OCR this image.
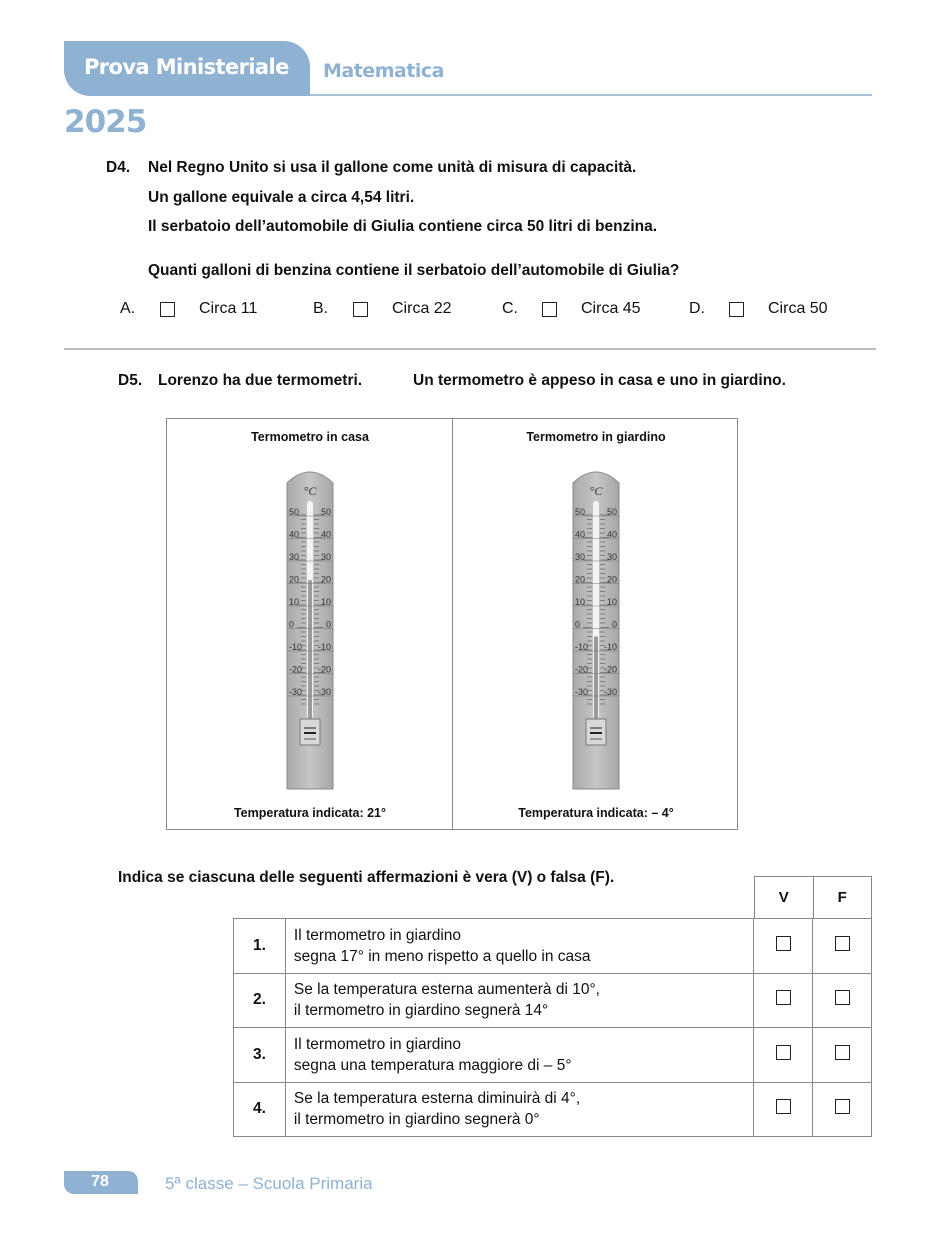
Prova Ministeriale Matematica
2025
D4. Nel Regno Unito si usa il gallone come unità di misura di capacità.
Un gallone equivale a circa 4,54 litri.
Il serbatoio dell’automobile di Giulia contiene circa 50 litri di benzina.
Quanti galloni di benzina contiene il serbatoio dell’automobile di Giulia?
A.	Circa 11	B.	Circa 22	C.	Circa 45	D.	Circa 50
D5. Lorenzo ha due termometri.	Un termometro è appeso in casa e uno in giardino.
Termometro in casa
°C
50 50
40 40
30 30
20 20
10 10
0	0
-10 -10
-20 -20
-30 -30
Temperatura indicata: 21°
Termometro in giardino
°C
50 50
40 40
30 30
20 20
10 10
0	0
-10 -10
-20 -20
-30 -30
Temperatura indicata: – 4°
Indica se ciascuna delle seguenti affermazioni è vera (V) o falsa (F).
V	F
1.	Il termometro in giardino
segna 17° in meno rispetto a quello in casa		

2.	Se la temperatura esterna aumenterà di 10°,
il termometro in giardino segnerà 14°		

3.	Il termometro in giardino
segna una temperatura maggiore di – 5°		

4.	Se la temperatura esterna diminuirà di 4°,
il termometro in giardino segnerà 0°		

78	5ª classe – Scuola Primaria
